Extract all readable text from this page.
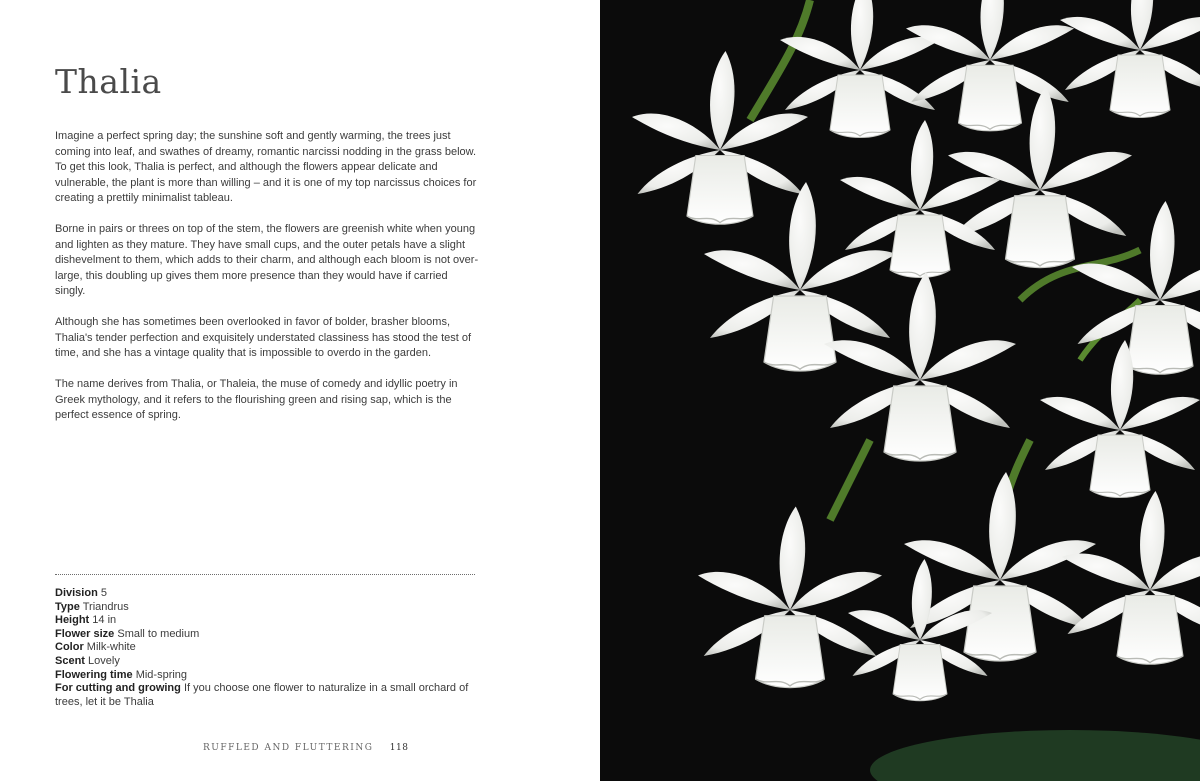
Thalia

Imagine a perfect spring day; the sunshine soft and gently warming, the trees just coming into leaf, and swathes of dreamy, romantic narcissi nodding in the grass below. To get this look, Thalia is perfect, and although the flowers appear delicate and vulnerable, the plant is more than willing – and it is one of my top narcissus choices for creating a prettily minimalist tableau.

Borne in pairs or threes on top of the stem, the flowers are greenish white when young and lighten as they mature. They have small cups, and the outer petals have a slight dishevelment to them, which adds to their charm, and although each bloom is not over-large, this doubling up gives them more presence than they would have if carried singly.

Although she has sometimes been overlooked in favor of bolder, brasher blooms, Thalia's tender perfection and exquisitely understated classiness has stood the test of time, and she has a vintage quality that is impossible to overdo in the garden.

The name derives from Thalia, or Thaleia, the muse of comedy and idyllic poetry in Greek mythology, and it refers to the flourishing green and rising sap, which is the perfect essence of spring.

Division 5
Type Triandrus
Height 14 in
Flower size Small to medium
Color Milk-white
Scent Lovely
Flowering time Mid-spring
For cutting and growing If you choose one flower to naturalize in a small orchard of trees, let it be Thalia
RUFFLED AND FLUTTERING 118
